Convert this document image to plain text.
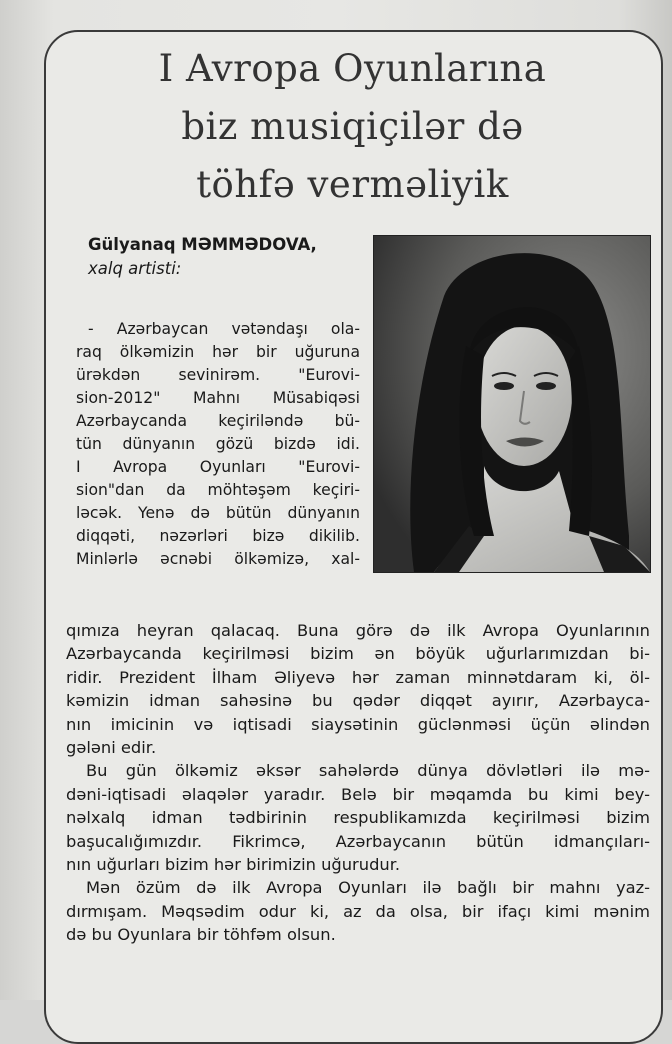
I Avropa Oyunlarına
biz musiqiçilər də
töhfə verməliyik
Gülyanaq MƏMMƏDOVA,
xalq artisti:
- Azərbaycan vətəndaşı ola-
raq ölkəmizin hər bir uğuruna
ürəkdən sevinirəm. "Eurovi-
sion-2012" Mahnı Müsabiqəsi
Azərbaycanda keçiriləndə bü-
tün dünyanın gözü bizdə idi.
I Avropa Oyunları "Eurovi-
sion"dan da möhtəşəm keçiri-
ləcək. Yenə də bütün dünyanın
diqqəti, nəzərləri bizə dikilib.
Minlərlə əcnəbi ölkəmizə, xal-
qımıza heyran qalacaq. Buna görə də ilk Avropa Oyunlarının
Azərbaycanda keçirilməsi bizim ən böyük uğurlarımızdan bi-
ridir. Prezident İlham Əliyevə hər zaman minnətdaram ki, öl-
kəmizin idman sahəsinə bu qədər diqqət ayırır, Azərbayca-
nın imicinin və iqtisadi siaysətinin güclənməsi üçün əlindən
gələni edir.
Bu gün ölkəmiz əksər sahələrdə dünya dövlətləri ilə mə-
dəni-iqtisadi əlaqələr yaradır. Belə bir məqamda bu kimi bey-
nəlxalq idman tədbirinin respublikamızda keçirilməsi bizim
başucalığımızdır. Fikrimcə, Azərbaycanın bütün idmançıları-
nın uğurları bizim hər birimizin uğurudur.
Mən özüm də ilk Avropa Oyunları ilə bağlı bir mahnı yaz-
dırmışam. Məqsədim odur ki, az da olsa, bir ifaçı kimi mənim
də bu Oyunlara bir töhfəm olsun.
